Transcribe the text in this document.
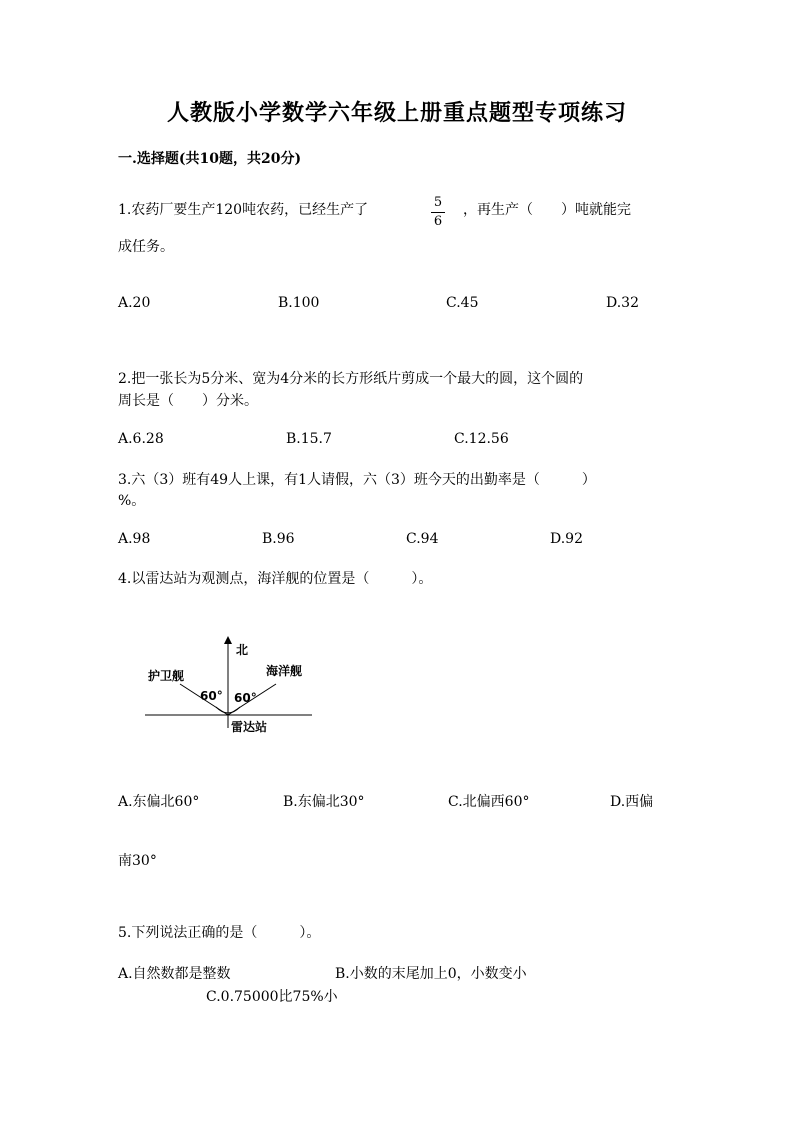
人教版小学数学六年级上册重点题型专项练习
一.选择题(共10题，共20分)
1.农药厂要生产120吨农药，已经生产了	5
6
，再生产（　　）吨就能完
成任务。
A.20	B.100	C.45	D.32
2.把一张长为5分米、宽为4分米的长方形纸片剪成一个最大的圆，这个圆的
周长是（　　）分米。
A.6.28	B.15.7	C.12.56
3.六（3）班有49人上课，有1人请假，六（3）班今天的出勤率是（　　　）
%。
A.98	B.96	C.94	D.92
4.以雷达站为观测点，海洋舰的位置是（　　　）。
北
护卫舰	海洋舰
60° 60°
雷达站
A.东偏北60°	B.东偏北30°	C.北偏西60°	D.西偏
南30°
5.下列说法正确的是（　　　）。
A.自然数都是整数	B.小数的末尾加上0，小数变小
C.0.75000比75%小
